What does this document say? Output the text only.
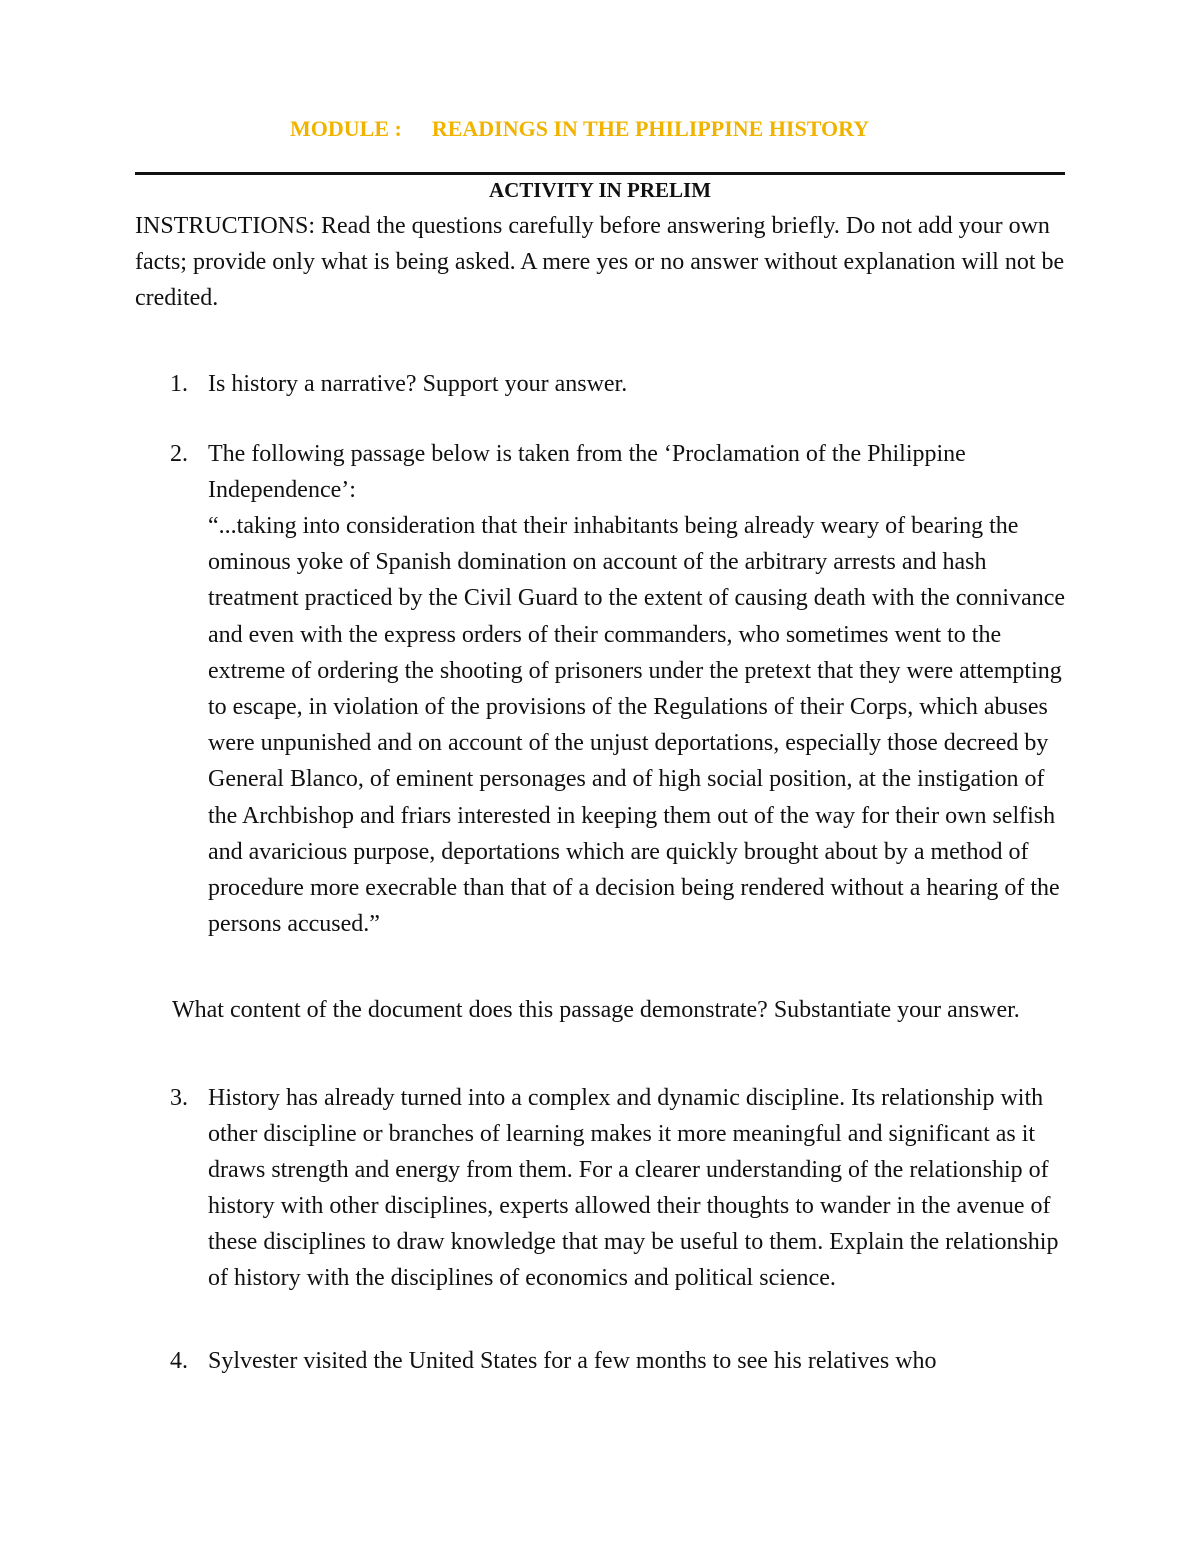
MODULE : READINGS IN THE PHILIPPINE HISTORY
ACTIVITY IN PRELIM
INSTRUCTIONS: Read the questions carefully before answering briefly. Do not add your own facts; provide only what is being asked. A mere yes or no answer without explanation will not be credited.
1. Is history a narrative? Support your answer.
2. The following passage below is taken from the ‘Proclamation of the Philippine Independence’:
“...taking into consideration that their inhabitants being already weary of bearing the ominous yoke of Spanish domination on account of the arbitrary arrests and hash treatment practiced by the Civil Guard to the extent of causing death with the connivance and even with the express orders of their commanders, who sometimes went to the extreme of ordering the shooting of prisoners under the pretext that they were attempting to escape, in violation of the provisions of the Regulations of their Corps, which abuses were unpunished and on account of the unjust deportations, especially those decreed by General Blanco, of eminent personages and of high social position, at the instigation of the Archbishop and friars interested in keeping them out of the way for their own selfish and avaricious purpose, deportations which are quickly brought about by a method of procedure more execrable than that of a decision being rendered without a hearing of the persons accused.”
What content of the document does this passage demonstrate? Substantiate your answer.
3. History has already turned into a complex and dynamic discipline. Its relationship with other discipline or branches of learning makes it more meaningful and significant as it draws strength and energy from them. For a clearer understanding of the relationship of history with other disciplines, experts allowed their thoughts to wander in the avenue of these disciplines to draw knowledge that may be useful to them. Explain the relationship of history with the disciplines of economics and political science.
4. Sylvester visited the United States for a few months to see his relatives who
